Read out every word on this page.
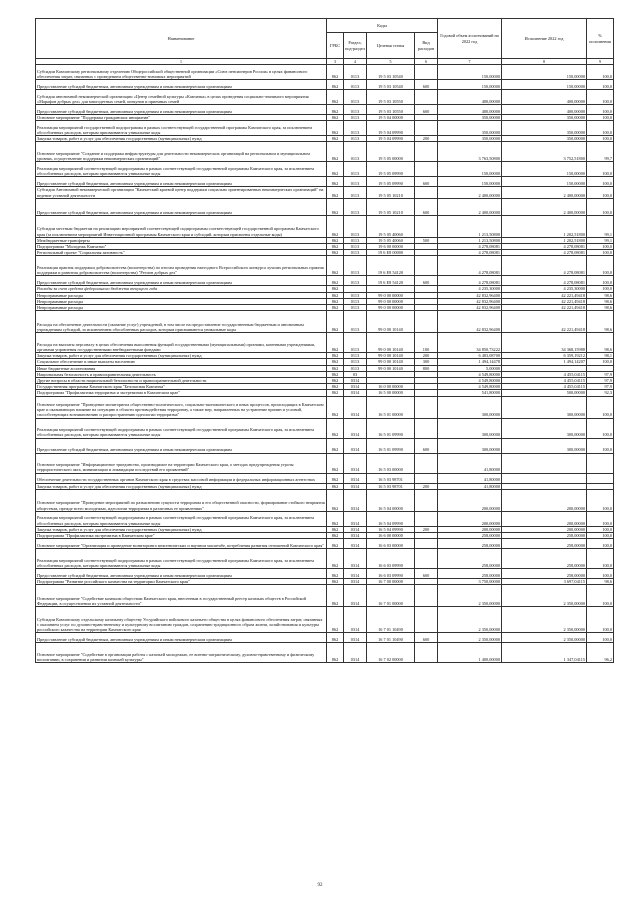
Наименование	Коды				Годовой объем ассигнований на 2022 год	Исполнение 2022 год	% исполнения
	ГРБС	Раздел, под-раздел	Целевая статья	Вид расходов			
1	3	4	5	6	7	8	9
Субсидии Камчатскому региональному отделению Общероссийской общественной организации «Союз пенсионеров России» в целях финансового обеспечения затрат, связанных с проведением общественно-значимых мероприятий	862	0113	19 5 03 10540		150,00000	150,00000	100,0
Предоставление субсидий бюджетным, автономным учреждениям и иным некоммерческим организациям	862	0113	19 5 03 10540	600	150,00000	150,00000	100,0
Субсидия автономной некоммерческой организации «Центр семейной культуры «Камчатка» в целях проведения социально-значимого мероприятия «Марафон добрых дел» для многодетных семей, опекунов и приемных семей	862	0113	19 5 03 10550		400,00000	400,00000	100,0
Предоставление субсидий бюджетным, автономным учреждениям и иным некоммерческим организациям	862	0113	19 5 03 10550	600	400,00000	400,00000	100,0
Основное мероприятие "Поддержка гражданских инициатив"	862	0113	19 5 04 00000		350,00000	350,00000	100,0
Реализация мероприятий государственной подпрограммы в рамках соответствующей государственной программы Камчатского края, за исключением обособленных расходов, которым присваиваются уникальные коды	862	0113	19 5 04 09990		350,00000	350,00000	100,0
Закупка товаров, работ и услуг для обеспечения государственных (муниципальных) нужд	862	0113	19 5 04 09990	200	350,00000	350,00000	100,0
Основное мероприятие "Создание и поддержка инфраструктуры для деятельности некоммерческих организаций на региональном и муниципальном уровнях, осуществление поддержки некоммерческих организаций"	862	0113	19 5 05 00000		3 763,50800	3 752,51800	99,7
Реализация мероприятий соответствующей подпрограммы в рамках соответствующей государственной программы Камчатского края, за исключением обособленных расходов, которым присваиваются уникальные коды	862	0113	19 5 05 09990		150,00000	150,00000	100,0
Предоставление субсидий бюджетным, автономным учреждениям и иным некоммерческим организациям	862	0113	19 5 05 09990	600	150,00000	150,00000	100,0
Субсидия Автономной некоммерческой организации "Камчатский краевой центр поддержки социально ориентированных некоммерческих организаций" на ведение уставной деятельности	862	0113	19 5 05 10210		2 400,00000	2 400,00000	100,0
Предоставление субсидий бюджетным, автономным учреждениям и иным некоммерческим организациям	862	0113	19 5 05 10210	600	2 400,00000	2 400,00000	100,0
Субсидии местным бюджетам на реализацию мероприятий соответствующей подпрограммы соответствующей государственной программы Камчатского края (за исключением мероприятий Инвестиционной программы Камчатского края и субсидий, которым присвоены отдельные коды)	862	0113	19 5 05 40060		1 213,50800	1 202,51800	99,1
Межбюджетные трансферты	862	0113	19 5 05 40060	500	1 213,50800	1 202,51800	99,1
Подпрограмма "Молодежь Камчатки"	862	0113	19 6 00 00000		4 278,08081	4 278,08081	100,0
Региональный проект "Социальная активность"	862	0113	19 6 E8 00000		4 278,08081	4 278,08081	100,0
Реализация практик поддержки добровольчества (волонтерства) по итогам проведения ежегодного Всероссийского конкурса лучших региональных практик поддержки и развития добровольчества (волонтерства) "Регион добрых дел"	862	0113	19 6 E8 54120		4 278,08081	4 278,08081	100,0
Предоставление субсидий бюджетным, автономным учреждениям и иным некоммерческим организациям	862	0113	19 6 E8 54120	600	4 278,08081	4 278,08081	100,0
Расходы за счет средств федерального бюджета текущего года	862				4 235,30000	4 235,30000	100,0
Непрограммные расходы	862	0113	99 0 00 00000		42 832,96400	42 221,49418	98,6
Непрограммные расходы	862	0113	99 0 00 00000		42 832,96400	42 221,49418	98,6
Непрограммные расходы	862	0113	99 0 00 00000		42 832,96400	42 221,49418	98,6
Расходы на обеспечение деятельности (оказание услуг) учреждений, в том числе на предоставление государственным бюджетным и автономным учреждениям субсидий, за исключением обособленных расходов, которым присваиваются уникальные коды	862	0113	99 0 00 10140		42 832,96400	42 221,49418	98,6
Расходы на выплаты персоналу в целях обеспечения выполнения функций государственными (муниципальными) органами, казенными учреждениями, органами управления государственными внебюджетными фондами	862	0113	99 0 00 10140	100	34 850,73222	34 368,15988	98,6
Закупка товаров, работ и услуг для обеспечения государственных (муниципальных) нужд	862	0113	99 0 00 10140	200	6 483,08700	6 359,19212	98,1
Социальное обеспечение и иные выплаты населению	862	0113	99 0 00 10140	300	1 494,14478	1 494,14207	100,0
Иные бюджетные ассигнования	862	0113	99 0 00 10140	800	5,00000		
Национальная безопасность и правоохранительная деятельность	862	03			4 549,80000	4 455,04115	97,9
Другие вопросы в области национальной безопасности и правоохранительной деятельности	862	0314			4 549,80000	4 455,04115	97,9
Государственная программа Камчатского края "Безопасная Камчатка"	862	0314	16 0 00 00000		4 549,80000	4 455,04115	97,9
Подпрограмма "Профилактика терроризма и экстремизма в Камчатском крае"	862	0314	16 5 00 00000		541,80000	500,00000	92,3
Основное мероприятие "Проведение мониторинга общественно-политического, социально-экономического и иных процессов, происходящих в Камчатском крае и оказывающих влияние на ситуацию в области противодействия терроризму, а также мер, направленных на устранение причин и условий, способствующих возникновению и распространению идеологии терроризма"	862	0314	16 5 01 00000		300,00000	300,00000	100,0
Реализация мероприятий соответствующей подпрограммы в рамках соответствующей государственной программы Камчатского края, за исключением обособленных расходов, которым присваиваются уникальные коды	862	0314	16 5 01 09990		300,00000	300,00000	100,0
Предоставление субсидий бюджетным, автономным учреждениям и иным некоммерческим организациям	862	0314	16 5 01 09990	600	300,00000	300,00000	100,0
Основное мероприятие "Информационное триединство, производимое на территории Камчатского края, о методах предупреждения угрозы террористического акта, минимизации и ликвидации последствий его проявлений"	862	0314	16 5 03 00000		41,80000		
Обеспечение деятельности государственных органов Камчатского края в средствах массовой информации и федеральных информационных агентствах	862	0314	16 5 03 98701		41,80000		
Закупка товаров, работ и услуг для обеспечения государственных (муниципальных) нужд	862	0314	16 5 03 98701	200	41,80000		
Основное мероприятие "Проведение мероприятий по разъяснению сущности терроризма и его общественной опасности, формирование стойкого неприятия обществом, прежде всего молодежью, идеологии терроризма в различных ее проявлениях"	862	0314	16 5 04 00000		200,00000	200,00000	100,0
Реализация мероприятий соответствующей подпрограммы в рамках соответствующей государственной программы Камчатского края, за исключением обособленных расходов, которым присваиваются уникальные коды	862	0314	16 5 04 09990		200,00000	200,00000	100,0
Закупка товаров, работ и услуг для обеспечения государственных (муниципальных) нужд	862	0314	16 5 04 09990	200	200,00000	200,00000	100,0
Подпрограмма "Профилактика экстремизма в Камчатском крае"	862	0314	16 6 00 00000		258,00000	258,00000	100,0
Основное мероприятие "Организация и проведение мониторинга межэтнических и научном масштабе, потребления развития отношений Камчатского края"	862	0314	16 6 03 00000		258,00000	258,00000	100,0
Реализация мероприятий соответствующей подпрограммы в рамках соответствующей государственной программы Камчатского края, за исключением обособленных расходов, которым присваиваются уникальные коды	862	0314	16 6 03 09990		258,00000	258,00000	100,0
Предоставление субсидий бюджетным, автономным учреждениям и иным некоммерческим организациям	862	0314	16 6 03 09990	600	258,00000	258,00000	100,0
Подпрограмма "Развитие российского казачества на территории Камчатского края"	862	0314	16 7 00 00000		3 750,00000	3 697,04115	98,6
Основное мероприятие "Содействие казачьим обществам Камчатского края, внесенным в государственный реестр казачьих обществ в Российской Федерации, в осуществлении их уставной деятельности"	862	0314	16 7 01 00000		2 350,00000	2 350,00000	100,0
Субсидии Камчатскому отдельскому казачьему обществу Уссурийского войскового казачьего общества в целях финансового обеспечения затрат, связанных с оказанием услуг по духовно-нравственному и культурному воспитанию граждан, сохранению традиционного образа жизни, хозяйствования и культуры российского казачества на территории Камчатского края	862	0314	16 7 01 10490		2 350,00000	2 350,00000	100,0
Предоставление субсидий бюджетным, автономным учреждениям и иным некоммерческим организациям	862	0314	16 7 01 10490	600	2 350,00000	2 350,00000	100,0
Основное мероприятие "Содействие в организации работы с казачьей молодежью, ее военно-патриотическому, духовно-нравственному и физическому воспитанию, в сохранении и развитии казачьей культуры"	862	0314	16 7 02 00000		1 400,00000	1 347,04115	96,2
92
